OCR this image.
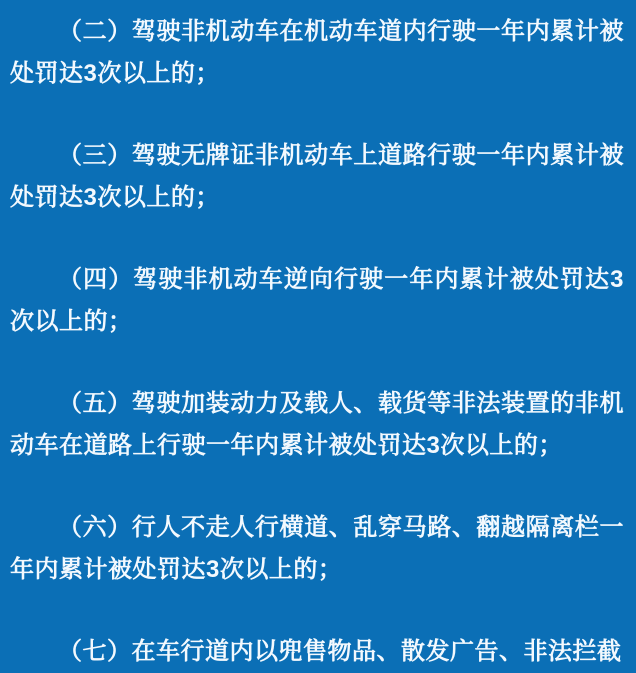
（二）驾驶非机动车在机动车道内行驶一年内累计被处罚达3次以上的；

（三）驾驶无牌证非机动车上道路行驶一年内累计被处罚达3次以上的；

（四）驾驶非机动车逆向行驶一年内累计被处罚达3次以上的；

（五）驾驶加装动力及载人、载货等非法装置的非机动车在道路上行驶一年内累计被处罚达3次以上的；

（六）行人不走人行横道、乱穿马路、翻越隔离栏一年内累计被处罚达3次以上的；

（七）在车行道内以兜售物品、散发广告、非法拦截
